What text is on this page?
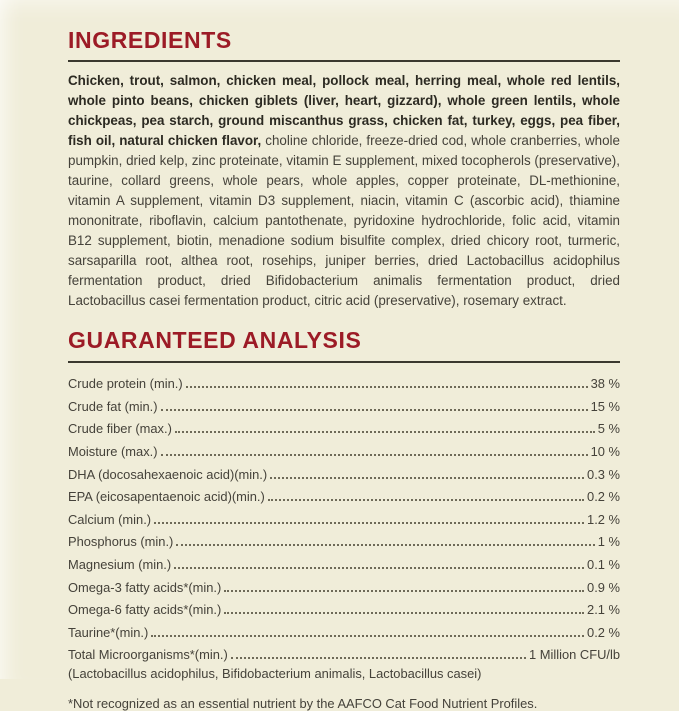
INGREDIENTS

Chicken, trout, salmon, chicken meal, pollock meal, herring meal, whole red lentils, whole pinto beans, chicken giblets (liver, heart, gizzard), whole green lentils, whole chickpeas, pea starch, ground miscanthus grass, chicken fat, turkey, eggs, pea fiber, fish oil, natural chicken flavor, choline chloride, freeze-dried cod, whole cranberries, whole pumpkin, dried kelp, zinc proteinate, vitamin E supplement, mixed tocopherols (preservative), taurine, collard greens, whole pears, whole apples, copper proteinate, DL-methionine, vitamin A supplement, vitamin D3 supplement, niacin, vitamin C (ascorbic acid), thiamine mononitrate, riboflavin, calcium pantothenate, pyridoxine hydrochloride, folic acid, vitamin B12 supplement, biotin, menadione sodium bisulfite complex, dried chicory root, turmeric, sarsaparilla root, althea root, rosehips, juniper berries, dried Lactobacillus acidophilus fermentation product, dried Bifidobacterium animalis fermentation product, dried Lactobacillus casei fermentation product, citric acid (preservative), rosemary extract.

GUARANTEED ANALYSIS
Crude protein (min.)	38 %
Crude fat (min.)	15 %
Crude fiber (max.)	5 %
Moisture (max.)	10 %
DHA (docosahexaenoic acid)(min.)	0.3 %
EPA (eicosapentaenoic acid)(min.)	0.2 %
Calcium (min.)	1.2 %
Phosphorus (min.)	1 %
Magnesium (min.)	0.1 %
Omega-3 fatty acids*(min.)	0.9 %
Omega-6 fatty acids*(min.)	2.1 %
Taurine*(min.)	0.2 %
Total Microorganisms*(min.)	1 Million CFU/lb
(Lactobacillus acidophilus, Bifidobacterium animalis, Lactobacillus casei)
*Not recognized as an essential nutrient by the AAFCO Cat Food Nutrient Profiles.
